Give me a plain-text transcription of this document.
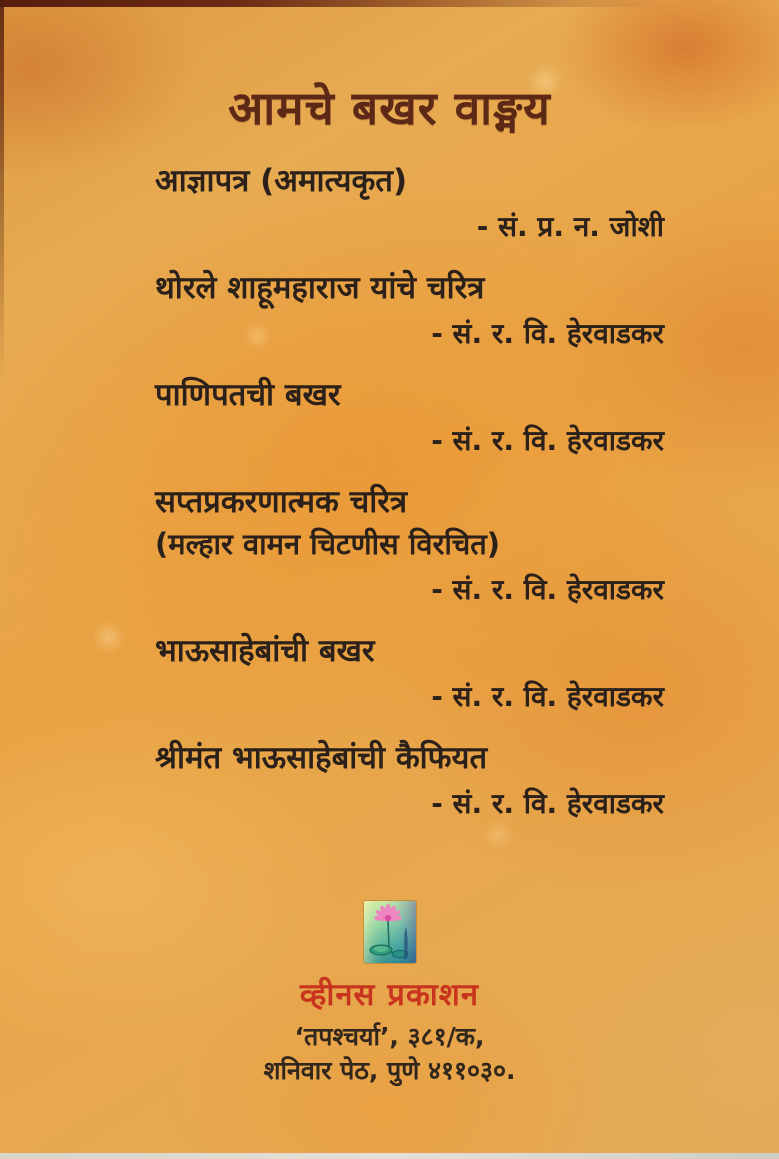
आमचे बखर वाङ्मय
आज्ञापत्र (अमात्यकृत)
- सं. प्र. न. जोशी
थोरले शाहूमहाराज यांचे चरित्र
- सं. र. वि. हेरवाडकर
पाणिपतची बखर
- सं. र. वि. हेरवाडकर
सप्तप्रकरणात्मक चरित्र
(मल्हार वामन चिटणीस विरचित)
- सं. र. वि. हेरवाडकर
भाऊसाहेबांची बखर
- सं. र. वि. हेरवाडकर
श्रीमंत भाऊसाहेबांची कैफियत
- सं. र. वि. हेरवाडकर
व्हीनस प्रकाशन
‘तपश्चर्या’, ३८१/क,
शनिवार पेठ, पुणे ४११०३०.
